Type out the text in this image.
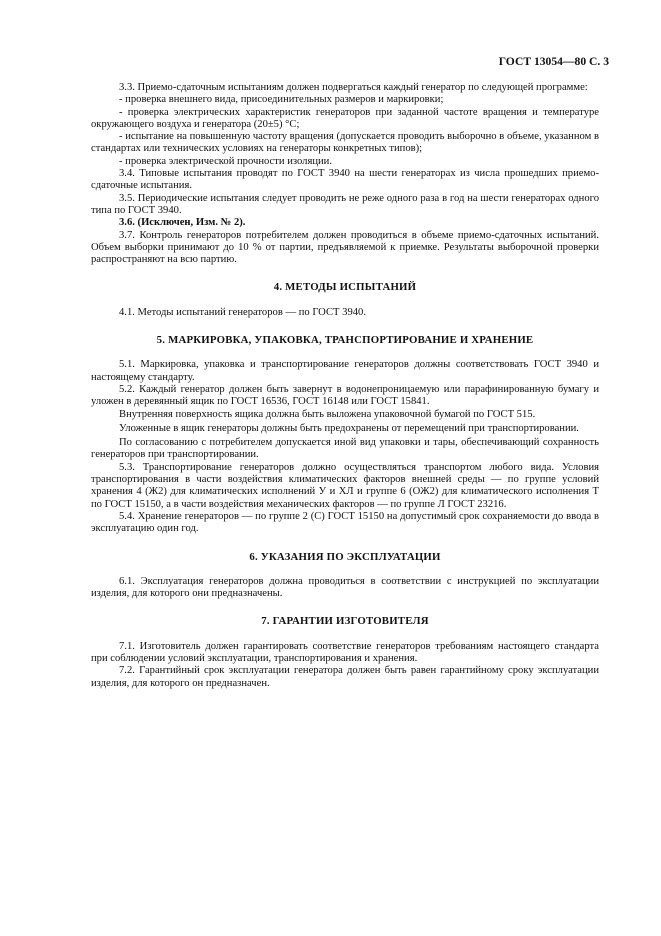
ГОСТ 13054—80 С. 3

3.3. Приемо-сдаточным испытаниям должен подвергаться каждый генератор по следующей программе:

- проверка внешнего вида, присоединительных размеров и маркировки;

- проверка электрических характеристик генераторов при заданной частоте вращения и температуре окружающего воздуха и генератора (20±5) °С;

- испытание на повышенную частоту вращения (допускается проводить выборочно в объеме, указанном в стандартах или технических условиях на генераторы конкретных типов);

- проверка электрической прочности изоляции.

3.4. Типовые испытания проводят по ГОСТ 3940 на шести генераторах из числа прошедших приемо-сдаточные испытания.

3.5. Периодические испытания следует проводить не реже одного раза в год на шести генераторах одного типа по ГОСТ 3940.

3.6. (Исключен, Изм. № 2).

3.7. Контроль генераторов потребителем должен проводиться в объеме приемо-сдаточных испытаний. Объем выборки принимают до 10 % от партии, предъявляемой к приемке. Результаты выборочной проверки распространяют на всю партию.

4. МЕТОДЫ ИСПЫТАНИЙ

4.1. Методы испытаний генераторов — по ГОСТ 3940.

5. МАРКИРОВКА, УПАКОВКА, ТРАНСПОРТИРОВАНИЕ И ХРАНЕНИЕ

5.1. Маркировка, упаковка и транспортирование генераторов должны соответствовать ГОСТ 3940 и настоящему стандарту.

5.2. Каждый генератор должен быть завернут в водонепроницаемую или парафинированную бумагу и уложен в деревянный ящик по ГОСТ 16536, ГОСТ 16148 или ГОСТ 15841.

Внутренняя поверхность ящика должна быть выложена упаковочной бумагой по ГОСТ 515.

Уложенные в ящик генераторы должны быть предохранены от перемещений при транспортировании.

По согласованию с потребителем допускается иной вид упаковки и тары, обеспечивающий сохранность генераторов при транспортировании.

5.3. Транспортирование генераторов должно осуществляться транспортом любого вида. Условия транспортирования в части воздействия климатических факторов внешней среды — по группе условий хранения 4 (Ж2) для климатических исполнений У и ХЛ и группе 6 (ОЖ2) для климатического исполнения Т по ГОСТ 15150, а в части воздействия механических факторов — по группе Л ГОСТ 23216.

5.4. Хранение генераторов — по группе 2 (С) ГОСТ 15150 на допустимый срок сохраняемости до ввода в эксплуатацию один год.

6. УКАЗАНИЯ ПО ЭКСПЛУАТАЦИИ

6.1. Эксплуатация генераторов должна проводиться в соответствии с инструкцией по эксплуатации изделия, для которого они предназначены.

7. ГАРАНТИИ ИЗГОТОВИТЕЛЯ

7.1. Изготовитель должен гарантировать соответствие генераторов требованиям настоящего стандарта при соблюдении условий эксплуатации, транспортирования и хранения.

7.2. Гарантийный срок эксплуатации генератора должен быть равен гарантийному сроку эксплуатации изделия, для которого он предназначен.
